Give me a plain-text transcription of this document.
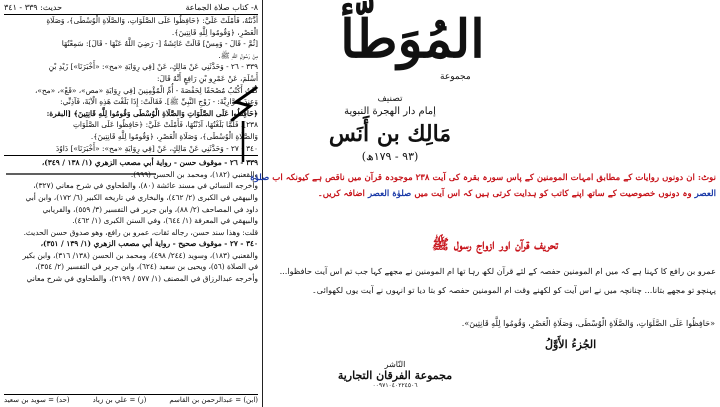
٨- كتاب صلاة الجماعة
حديث: ٣٣٩ - ٣٤١
أَذَّنَتُهُ، فَأَمْلَتْ عَلَيَّ: ﴿حَافِظُوا عَلَى الصَّلَوَاتِ، وَالصَّلَاةِ الْوُسْطَى﴾، وَصَلَاةِ
الْعَصْرِ، ﴿وَقُومُوا لِلَّهِ قَانِتِينَ﴾.
[ثُمَّ - قَالَ - وَمِسْ] قَالَتْ عَائِشَةُ [- رَضِيَ اللَّهُ عَنْهَا - قَالَ]: سَمِعْتُهَا
مِنْ رَسُولِ اللَّهِ ﷺ.
٣٣٩ - ٢٦ - وَحَدَّثَنِي عَنْ مَالِكٍ، عَنْ [فِي رِوَايَةِ «مح»: «أَخْبَرَنَا»] زَيْدِ بْنِ
أَسْلَمَ، عَنْ عَمْرِو بْنِ رَافِعٍ أَنَّهُ قَالَ:
كُنْتُ أَكْتُبُ مُصْحَفًا لِحَفْصَةَ - أُمِّ الْمُؤْمِنِينَ [فِي رِوَايَةِ «مص»، «قَعْ»، «مح»،
وَعِندَ سَوَّارِيَّةَ: - زَوْجِ النَّبِيِّ ﷺ]. فَقَالَتْ: إِذَا بَلَغْتَ هَذِهِ الْآيَةَ، فَآذِنِّي:
﴿حَافِظُوا عَلَى الصَّلَوَاتِ وَالصَّلَاةِ الْوُسْطَى وَقُومُوا لِلَّهِ قَانِتِينَ﴾ [البقرة:
٢٣٨]. فَلَمَّا بَلَغْتُهَا، آذَنْتُهَا، فَأَمْلَتْ عَلَيَّ: ﴿حَافِظُوا عَلَى الصَّلَوَاتِ
وَالصَّلَاةِ الْوُسْطَى﴾، وَصَلَاةِ الْعَصْرِ، ﴿وَقُومُوا لِلَّهِ قَانِتِينَ﴾.
٣٤٠ - ٢٧ - وَحَدَّثَنِي عَنْ مَالِكٍ، عَنْ [فِي رِوَايَةِ «مح»: «أَخْبَرَنَا»] دَاوُدَ
٣٣٩ - ٢٦ - موقوف حسن - رواية أبي مصعب الزهري (١/ ١٣٨ / ٣٤٩)،
والقعنبي (١٨٢)، ومحمد بن الحسن (٩٩٩).
وأخرجه النسائي في مسند عائشة (٨٠)، والطحاوي في شرح معاني (٣٢٧)،
والبيهقي في الكبرى (٢/ ٤٦٢)، والبخاري في تاريخه الكبير (٦/ ١٧٢)، وابن أبي
داود في المصاحف (٢/ ٨٨)، وابن جرير في التفسير (٣/ ٥٥٩)، والفريابي
والبيهقي في المعرفة (١/ ٦٤٤)، وفي السنن الكبرى (١/ ٤٦٢).
قلت: وهذا سند حسن، رجاله ثقات، عمرو بن رافع، وهو صدوق حسن الحديث.
٣٤٠ - ٢٧ - موقوف صحيح - رواية أبي مصعب الزهري (١/ ١٣٩ / ٣٥١)،
والقعنبي (١٨٣)، وسويد (٢٤٤/ ٤٩٨)، ومحمد بن الحسن (١٣٨/ ٣١٦)، وابن بكير
في الصلاة (٥٦)، ويحيى بن سعيد (٦٢٤)، وابن جرير في التفسير (٢/ ٣٥٤)،
وأخرجه عبدالرزاق في المصنف (١/ ٥٧٧ / ٢١٩٩)، والطحاوي في شرح معاني
(ابن) = عبدالرحمن بن القاسم
(ز) = علي بن زياد
(حد) = سويد بن سعيد
المُوَطّأ
مجموعة
تصنيف
إمام دار الهجرة النبوية
مَالِك بن أَنَس
(٩٣ - ١٧٩ھ)
نوٹ: ان دونوں روایات کے مطابق امہات المومنین کے پاس سورہ بقرہ کی آیت ۲۳۸ موجودہ قرآن میں ناقص ہے کیونکہ اب صلوٰة
العصر وہ دونوں خصوصیت کے ساتھ اپنے کاتب کو ہدایت کرتی ہیں کہ اس آیت میں صلوٰة العصر اضافہ کریں۔
تحریف قرآن اور ازواج رسول ﷺ
عمرو بن رافع کا کہنا ہے کہ میں ام المومنین حفصہ کے لئے قرآن لکھ رہا تھا ام المومنین نے مجھے کہا جب تم اس آیت حافظوا...
پہنچو تو مجھے بتانا... چنانچہ میں نے اس آیت کو لکھنے وقت ام المومنین حفصہ کو بتا دیا تو انہوں نے آیت یوں لکھوائی۔
«حَافِظُوا عَلَى الصَّلَوَاتِ، وَالصَّلَاةِ الْوُسْطَى، وَصَلَاةِ الْعَصْرِ، وَقُومُوا لِلَّهِ قَانِتِينَ».
الجُزءُ الأَوَّلُ
النّاشر
مجموعة الفرقان التجارية
٠٠٩٧١٠٤٠٢٢٤٥٠٦
